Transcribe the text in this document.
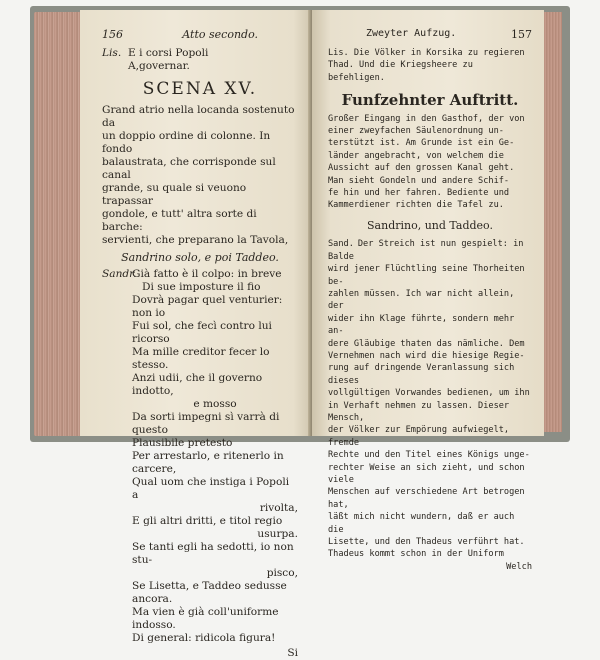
156	Atto secondo.
Lis. E i corsi Popoli
A,governar.
SCENA XV.
Grand atrio nella locanda sostenuto da
un doppio ordine di colonne. In fondo
balaustrata, che corrisponde sul canal
grande, su quale si veuono trapassar
gondole, e tutt' altra sorte di barche:
servienti, che preparano la Tavola,
Sandrino solo, e poi Taddeo.
Sandr.
Già fatto è il colpo: in breve
Di sue imposture il fio
Dovrà pagar quel venturier: non io
Fui sol, che fecì contro lui ricorso
Ma mille creditor fecer lo stesso.
Anzi udii, che il governo indotto,
e mosso
Da sorti impegni sì varrà di questo
Plausibile pretesto
Per arrestarlo, e ritenerlo in carcere,
Qual uom che instiga i Popoli a
rivolta,
E gli altri dritti, e titol regio
usurpa.
Se tanti egli ha sedotti, io non stu-
pisco,
Se Lisetta, e Taddeo sedusse ancora.
Ma vien è già coll'uniforme indosso.
Di general: ridicola figura!
Si
Zweyter Aufzug.	157
Lis. Die Völker in Korsika zu regieren
Thad. Und die Kriegsheere zu befehligen.
Funfzehnter Auftritt.
Großer Eingang in den Gasthof, der von
einer zweyfachen Säulenordnung un-
terstützt ist. Am Grunde ist ein Ge-
länder angebracht, von welchem die
Aussicht auf den grossen Kanal geht.
Man sieht Gondeln und andere Schif-
fe hin und her fahren. Bediente und
Kammerdiener richten die Tafel zu.
Sandrino, und Taddeo.
Sand. Der Streich ist nun gespielt: in Balde
wird jener Flüchtling seine Thorheiten be-
zahlen müssen. Ich war nicht allein, der
wider ihn Klage führte, sondern mehr an-
dere Gläubige thaten das nämliche. Dem
Vernehmen nach wird die hiesige Regie-
rung auf dringende Veranlassung sich dieses
vollgültigen Vorwandes bedienen, um ihn
in Verhaft nehmen zu lassen. Dieser Mensch,
der Völker zur Empörung aufwiegelt, fremde
Rechte und den Titel eines Königs unge-
rechter Weise an sich zieht, und schon viele
Menschen auf verschiedene Art betrogen hat,
läßt mich nicht wundern, daß er auch die
Lisette, und den Thadeus verführt hat.
Thadeus kommt schon in der Uniform
Welch
